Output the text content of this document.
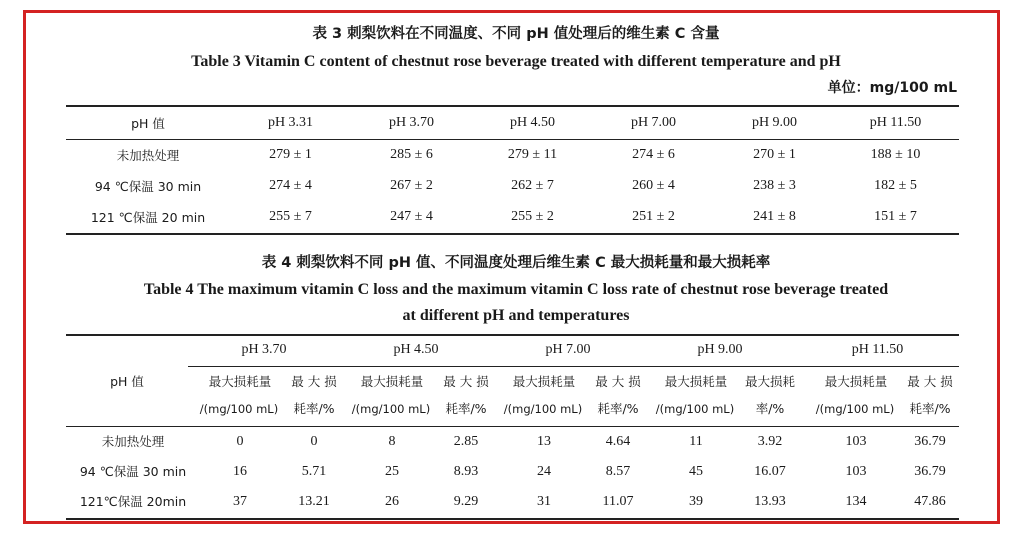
表 3 刺梨饮料在不同温度、不同 pH 值处理后的维生素 C 含量
Table 3 Vitamin C content of chestnut rose beverage treated with different temperature and pH
单位：mg/100 mL
pH 值	pH 3.31	pH 3.70	pH 4.50	pH 7.00	pH 9.00	pH 11.50
未加热处理	279 ± 1	285 ± 6	279 ± 11	274 ± 6	270 ± 1	188 ± 10
94 ℃保温 30 min	274 ± 4	267 ± 2	262 ± 7	260 ± 4	238 ± 3	182 ± 5
121 ℃保温 20 min	255 ± 7	247 ± 4	255 ± 2	251 ± 2	241 ± 8	151 ± 7
表 4 刺梨饮料不同 pH 值、不同温度处理后维生素 C 最大损耗量和最大损耗率
Table 4 The maximum vitamin C loss and the maximum vitamin C loss rate of chestnut rose beverage treated
at different pH and temperatures
pH 3.70	pH 4.50	pH 7.00	pH 9.00	pH 11.50
pH 值	最大损耗量	最 大 损	最大损耗量	最 大 损	最大损耗量	最 大 损	最大损耗量	最大损耗	最大损耗量	最 大 损
/(mg/100 mL)	耗率/%	/(mg/100 mL)	耗率/%	/(mg/100 mL)	耗率/%	/(mg/100 mL)	率/%	/(mg/100 mL)	耗率/%
未加热处理	0	0	8	2.85	13	4.64	11	3.92	103	36.79
94 ℃保温 30 min	16	5.71	25	8.93	24	8.57	45	16.07	103	36.79
121℃保温 20min	37	13.21	26	9.29	31	11.07	39	13.93	134	47.86
